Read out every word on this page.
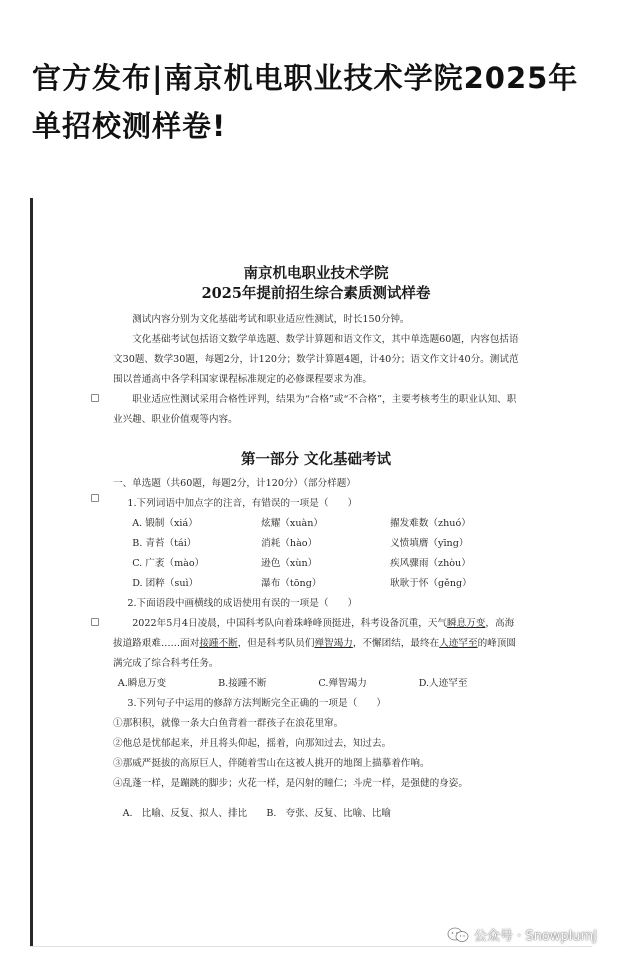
官方发布|南京机电职业技术学院2025年单招校测样卷!
南京机电职业技术学院
2025年提前招生综合素质测试样卷

测试内容分别为文化基础考试和职业适应性测试，时长150分钟。

文化基础考试包括语文数学单选题、数学计算题和语文作文，其中单选题60题，内容包括语文30题、数学30题，每题2分，计120分；数学计算题4题，计40分；语文作文计40分。测试范围以普通高中各学科国家课程标准规定的必修课程要求为准。

职业适应性测试采用合格性评判，结果为“合格”或“不合格”，主要考核考生的职业认知、职业兴趣、职业价值观等内容。

第一部分 文化基础考试

一、单选题（共60题，每题2分，计120分）（部分样题）

1.下列词语中加点字的注音，有错误的一项是（　　）

A. 锻制（xiá）	炫耀（xuàn）	擢发难数（zhuó）
B. 青苔（tái）	消耗（hào）	义愤填膺（yīng）
C. 广袤（mào）	逊色（xùn）	疾风骤雨（zhòu）
D. 团粹（suì）	瀑布（tōng）	耿耿于怀（gěng）

2.下面语段中画横线的成语使用有误的一项是（　　）

2022年5月4日凌晨，中国科考队向着珠峰峰顶挺进，科考设备沉重，天气瞬息万变，高海拔道路艰难……面对接踵不断，但是科考队员们殚智竭力，不懈团结，最终在人迹罕至的峰顶圆满完成了综合科考任务。

A.瞬息万变	B.接踵不断	C.殚智竭力	D.人迹罕至

3.下列句子中运用的修辞方法判断完全正确的一项是（　　）

①那积积，就像一条大白鱼背着一群孩子在浪花里窜。

②他总是忧郁起来，并且将头仰起，摇着，向那知过去，知过去。

③那威严挺拔的高原巨人，伴随着雪山在这被人挑开的地图上描摹着作响。

④乱蓬一样，是蹦跳的脚步；火花一样，是闪射的瞳仁；斗虎一样，是强健的身姿。

A. 比喻、反复、拟人、排比　　B. 夸张、反复、比喻、比喻

公众号 · SnowplumJ
